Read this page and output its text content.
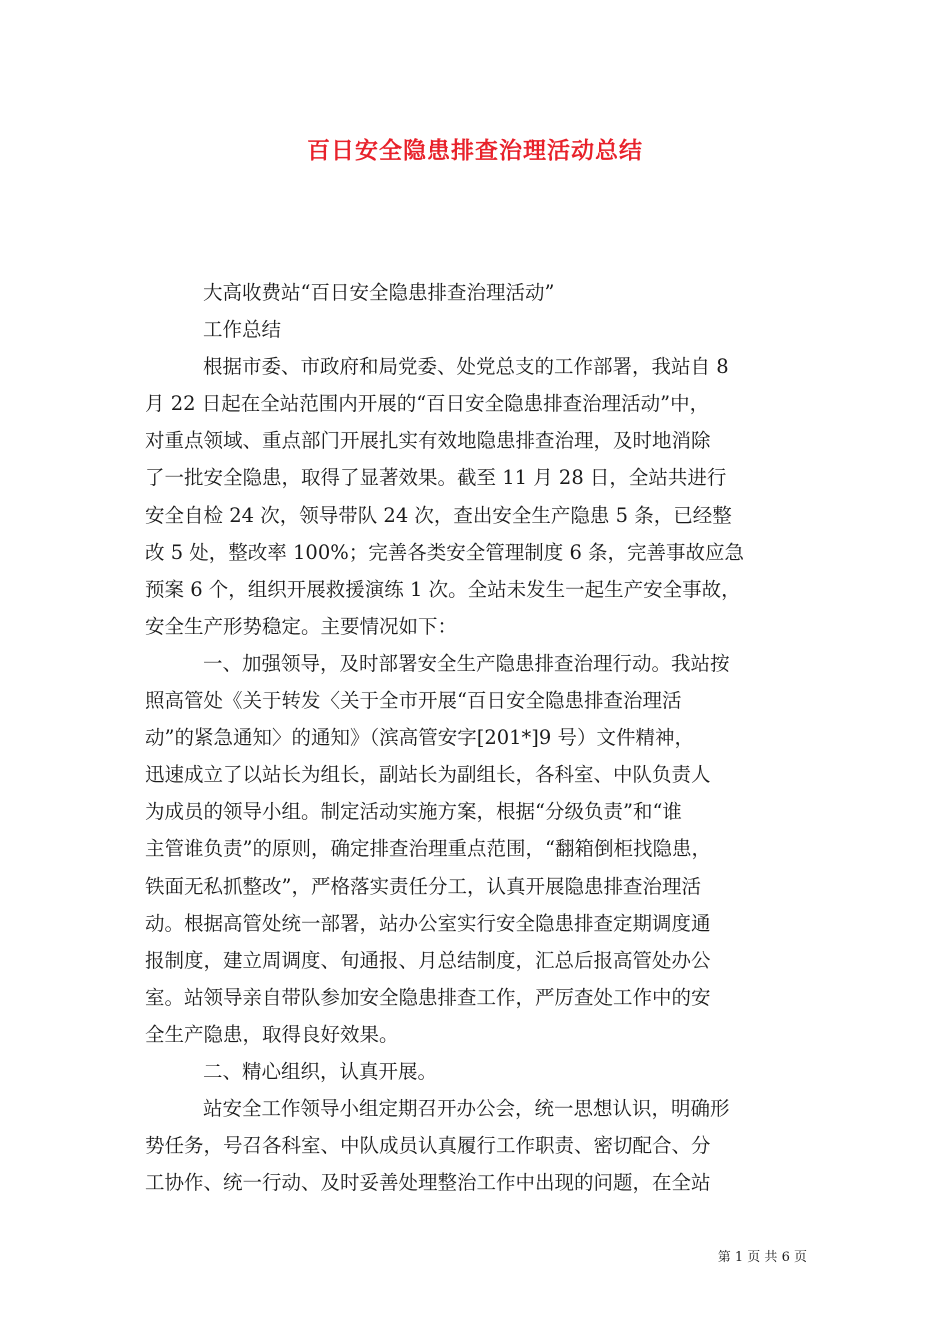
百日安全隐患排查治理活动总结
大高收费站“百日安全隐患排查治理活动”
工作总结
根据市委、市政府和局党委、处党总支的工作部署，我站自 8
月 22 日起在全站范围内开展的“百日安全隐患排查治理活动”中，
对重点领域、重点部门开展扎实有效地隐患排查治理，及时地消除
了一批安全隐患，取得了显著效果。截至 11 月 28 日，全站共进行
安全自检 24 次，领导带队 24 次，查出安全生产隐患 5 条，已经整
改 5 处，整改率 100%；完善各类安全管理制度 6 条，完善事故应急
预案 6 个，组织开展救援演练 1 次。全站未发生一起生产安全事故，
安全生产形势稳定。主要情况如下：
一、加强领导，及时部署安全生产隐患排查治理行动。我站按
照高管处《关于转发〈关于全市开展“百日安全隐患排查治理活
动”的紧急通知〉的通知》（滨高管安字[201*]9 号）文件精神，
迅速成立了以站长为组长，副站长为副组长，各科室、中队负责人
为成员的领导小组。制定活动实施方案，根据“分级负责”和“谁
主管谁负责”的原则，确定排查治理重点范围，“翻箱倒柜找隐患，
铁面无私抓整改”，严格落实责任分工，认真开展隐患排查治理活
动。根据高管处统一部署，站办公室实行安全隐患排查定期调度通
报制度，建立周调度、旬通报、月总结制度，汇总后报高管处办公
室。站领导亲自带队参加安全隐患排查工作，严厉查处工作中的安
全生产隐患，取得良好效果。
二、精心组织，认真开展。
站安全工作领导小组定期召开办公会，统一思想认识，明确形
势任务，号召各科室、中队成员认真履行工作职责、密切配合、分
工协作、统一行动、及时妥善处理整治工作中出现的问题，在全站
第 1 页 共 6 页
